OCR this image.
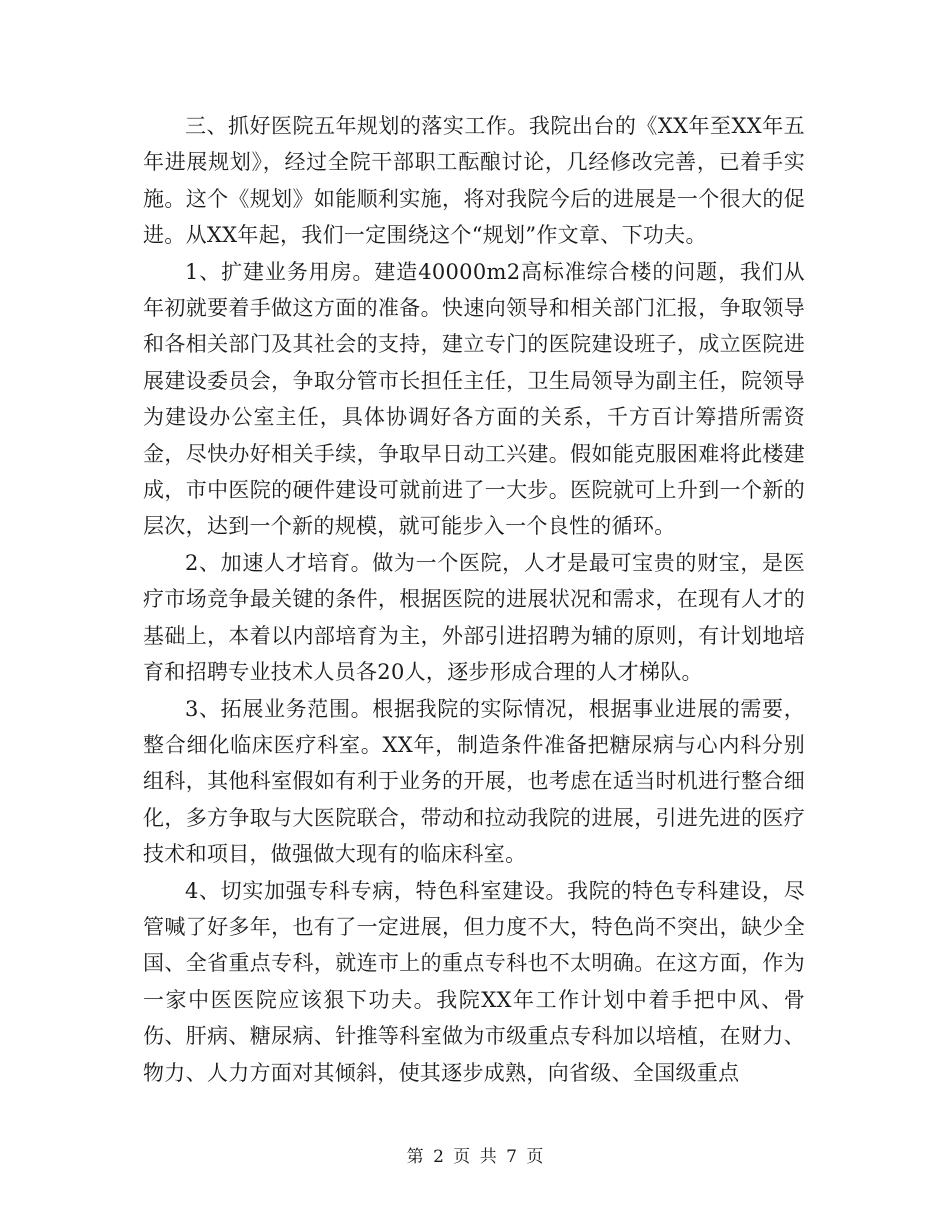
三、抓好医院五年规划的落实工作。我院出台的《XX年至XX年五年进展规划》，经过全院干部职工酝酿讨论，几经修改完善，已着手实施。这个《规划》如能顺利实施，将对我院今后的进展是一个很大的促进。从XX年起，我们一定围绕这个“规划”作文章、下功夫。

1、扩建业务用房。建造40000m2高标准综合楼的问题，我们从年初就要着手做这方面的准备。快速向领导和相关部门汇报，争取领导和各相关部门及其社会的支持，建立专门的医院建设班子，成立医院进展建设委员会，争取分管市长担任主任，卫生局领导为副主任，院领导为建设办公室主任，具体协调好各方面的关系，千方百计筹措所需资金，尽快办好相关手续，争取早日动工兴建。假如能克服困难将此楼建成，市中医院的硬件建设可就前进了一大步。医院就可上升到一个新的层次，达到一个新的规模，就可能步入一个良性的循环。

2、加速人才培育。做为一个医院，人才是最可宝贵的财宝，是医疗市场竞争最关键的条件，根据医院的进展状况和需求，在现有人才的基础上，本着以内部培育为主，外部引进招聘为辅的原则，有计划地培育和招聘专业技术人员各20人，逐步形成合理的人才梯队。

3、拓展业务范围。根据我院的实际情况，根据事业进展的需要，整合细化临床医疗科室。XX年，制造条件准备把糖尿病与心内科分别组科，其他科室假如有利于业务的开展，也考虑在适当时机进行整合细化，多方争取与大医院联合，带动和拉动我院的进展，引进先进的医疗技术和项目，做强做大现有的临床科室。

4、切实加强专科专病，特色科室建设。我院的特色专科建设，尽管喊了好多年，也有了一定进展，但力度不大，特色尚不突出，缺少全国、全省重点专科，就连市上的重点专科也不太明确。在这方面，作为一家中医医院应该狠下功夫。我院XX年工作计划中着手把中风、骨伤、肝病、糖尿病、针推等科室做为市级重点专科加以培植，在财力、物力、人力方面对其倾斜，使其逐步成熟，向省级、全国级重点

第 2 页 共 7 页
